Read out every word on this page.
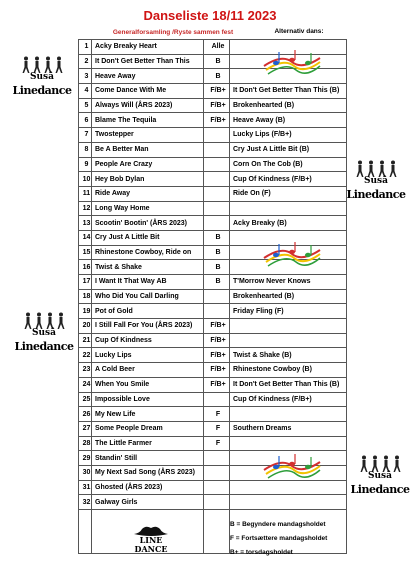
Danseliste 18/11 2023
Generalforsamling /Ryste sammen fest	Alternativ dans:
1	Acky Breaky Heart	Alle	
2	It Don't Get Better Than This	B	
3	Heave Away	B	
4	Come Dance With Me	F/B+	It Don't Get Better Than This (B)
5	Always Will (ÅRS 2023)	F/B+	Brokenhearted (B)
6	Blame The Tequila	F/B+	Heave Away (B)
7	Twostepper		Lucky Lips (F/B+)
8	Be A Better Man		Cry Just A Little Bit (B)
9	People Are Crazy		Corn On The Cob (B)
10	Hey Bob Dylan		Cup Of Kindness (F/B+)
11	Ride Away		Ride On (F)
12	Long Way Home		
13	Scootin' Bootin' (ÅRS 2023)		Acky Breaky (B)
14	Cry Just A Little Bit	B	
15	Rhinestone Cowboy, Ride on	B	
16	Twist & Shake	B	
17	I Want It That Way AB	B	T'Morrow Never Knows
18	Who Did You Call Darling		Brokenhearted (B)
19	Pot of Gold		Friday Fling (F)
20	I Still Fall For You (ÅRS 2023)	F/B+	
21	Cup Of Kindness	F/B+	
22	Lucky Lips	F/B+	Twist & Shake (B)
23	A Cold Beer	F/B+	Rhinestone Cowboy (B)
24	When You Smile	F/B+	It Don't Get Better Than This (B)
25	Impossible Love		Cup Of Kindness (F/B+)
26	My New Life	F	
27	Some People Dream	F	Southern Dreams
28	The Little Farmer	F	
29	Standin' Still		
30	My Next Sad Song (ÅRS 2023)		
31	Ghosted (ÅRS 2023)		
32	Galway Girls		

Susâ
Linedance
Susâ
Linedance
Susâ
Linedance
Susâ
Linedance
LINE
DANCE
B = Begyndere mandagsholdet
F = Fortsættere mandagsholdet
B+ = torsdagsholdet
